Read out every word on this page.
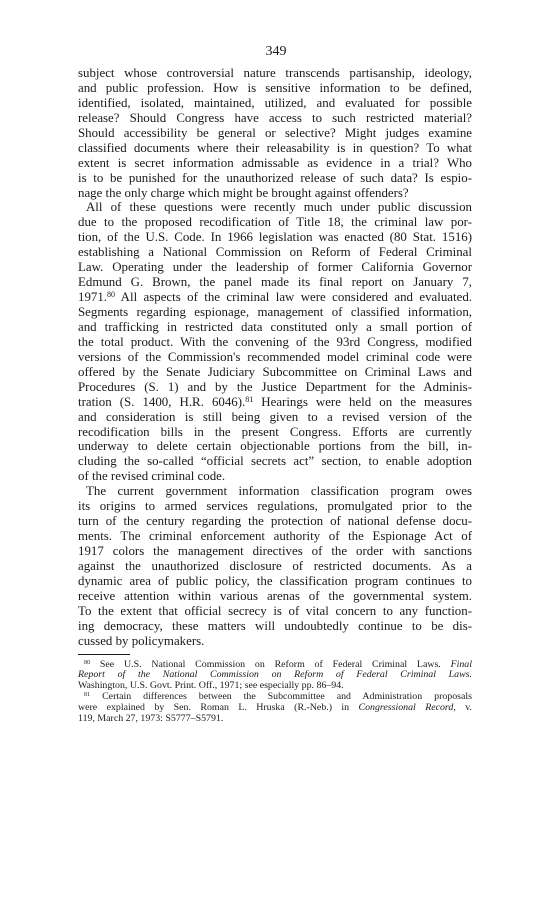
349
subject whose controversial nature transcends partisanship, ideology,
and public profession. How is sensitive information to be defined,
identified, isolated, maintained, utilized, and evaluated for possible
release? Should Congress have access to such restricted material?
Should accessibility be general or selective? Might judges examine
classified documents where their releasability is in question? To what
extent is secret information admissable as evidence in a trial? Who
is to be punished for the unauthorized release of such data? Is espio-
nage the only charge which might be brought against offenders?
All of these questions were recently much under public discussion
due to the proposed recodification of Title 18, the criminal law por-
tion, of the U.S. Code. In 1966 legislation was enacted (80 Stat. 1516)
establishing a National Commission on Reform of Federal Criminal
Law. Operating under the leadership of former California Governor
Edmund G. Brown, the panel made its final report on January 7,
1971.80 All aspects of the criminal law were considered and evaluated.
Segments regarding espionage, management of classified information,
and trafficking in restricted data constituted only a small portion of
the total product. With the convening of the 93rd Congress, modified
versions of the Commission's recommended model criminal code were
offered by the Senate Judiciary Subcommittee on Criminal Laws and
Procedures (S. 1) and by the Justice Department for the Adminis-
tration (S. 1400, H.R. 6046).$^{81}$ Hearings were held on the measures
and consideration is still being given to a revised version of the
recodification bills in the present Congress. Efforts are currently
underway to delete certain objectionable portions from the bill, in-
cluding the so-called “official secrets act” section, to enable adoption
of the revised criminal code.
The current government information classification program owes
its origins to armed services regulations, promulgated prior to the
turn of the century regarding the protection of national defense docu-
ments. The criminal enforcement authority of the Espionage Act of
1917 colors the management directives of the order with sanctions
against the unauthorized disclosure of restricted documents. As a
dynamic area of public policy, the classification program continues to
receive attention within various arenas of the governmental system.
To the extent that official secrecy is of vital concern to any function-
ing democracy, these matters will undoubtedly continue to be dis-
cussed by policymakers.
$^{80}$ See U.S. National Commission on Reform of Federal Criminal Laws. Final
Report of the National Commission on Reform of Federal Criminal Laws.
Washington, U.S. Govt. Print. Off., 1971; see especially pp. 86–94.
$^{81}$ Certain differences between the Subcommittee and Administration proposals
were explained by Sen. Roman L. Hruska (R.-Neb.) in Congressional Record, v.
119, March 27, 1973: S5777–S5791.
